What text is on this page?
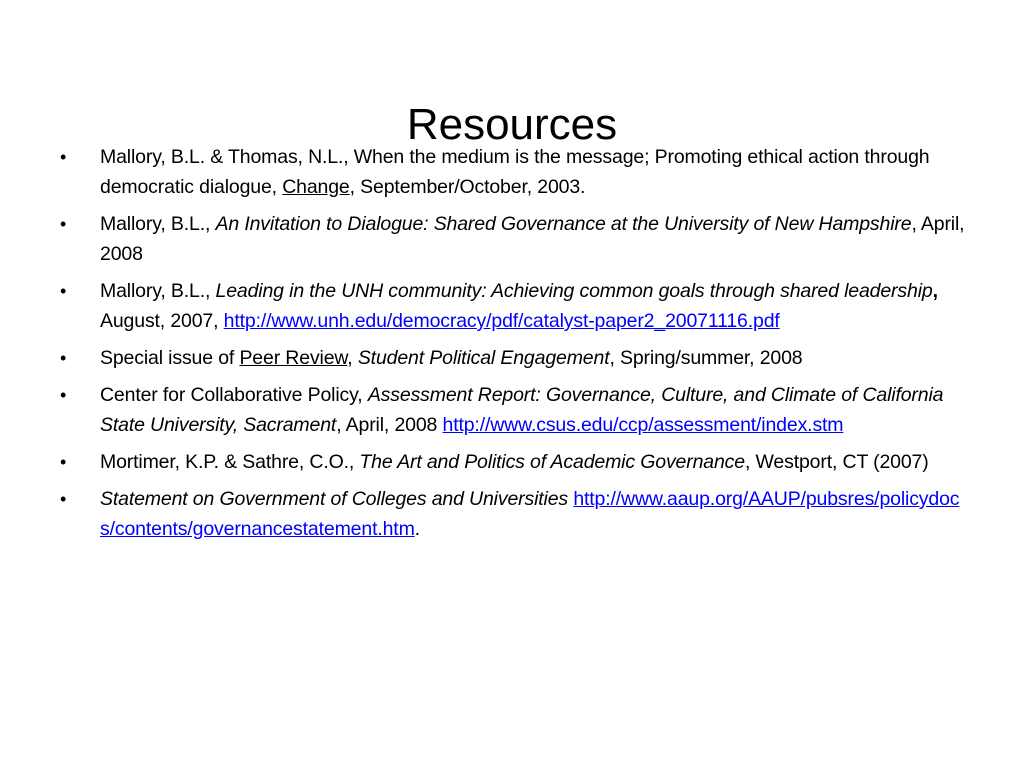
Resources
•	Mallory, B.L. & Thomas, N.L., When the medium is the message; Promoting ethical action through democratic dialogue, Change, September/October, 2003.
•	Mallory, B.L., An Invitation to Dialogue: Shared Governance at the University of New Hampshire, April, 2008
•	Mallory, B.L., Leading in the UNH community: Achieving common goals through shared leadership, August, 2007, http://www.unh.edu/democracy/pdf/catalyst-paper2_20071116.pdf
•	Special issue of Peer Review, Student Political Engagement, Spring/summer, 2008
•	Center for Collaborative Policy, Assessment Report: Governance, Culture, and Climate of California State University, Sacrament, April, 2008 http://www.csus.edu/ccp/assessment/index.stm
•	Mortimer, K.P. & Sathre, C.O., The Art and Politics of Academic Governance, Westport, CT (2007)
•	Statement on Government of Colleges and Universities http://www.aaup.org/AAUP/pubsres/policydocs/contents/governancestatement.htm.
